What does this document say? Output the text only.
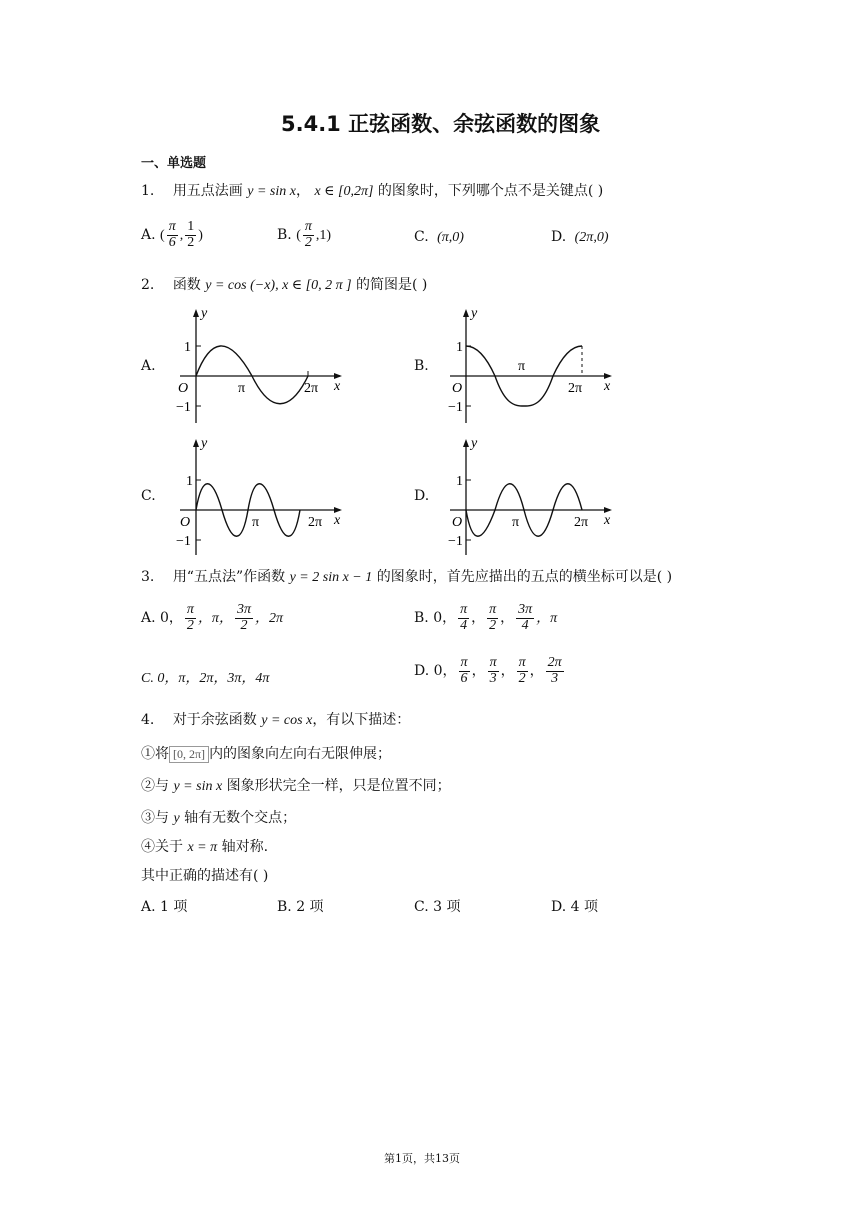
5.4.1 正弦函数、余弦函数的图象
一、单选题
1. 用五点法画 y = sin x， x ∈ [0,2π] 的图象时，下列哪个点不是关键点( )
A. ( $\frac{\pi}{6}$ , $\frac{1}{2}$ )	B. ( $\frac{\pi}{2} ,1$)	C. (π,0)	D. (2π,0)
2. 函数 y = cos (−x), x ∈ [0, 2 π ] 的简图是( )
A.	B.
C.	D.
y
x
O
1
−1
π	2π
y
x
O
1
−1
π
2π
y
x
O
1
−1
π	2π
y
x
O
1
−1
π	2π
3. 用“五点法”作函数 y = 2 sin x − 1 的图象时，首先应描出的五点的横坐标可以是( )
A. 0， $\frac{\pi}{2}$ ，π， $\frac{3\pi}{2}$ ，2π	B. 0， $\frac{\pi}{4}$ ， $\frac{\pi}{2}$ ， $\frac{3\pi}{4}$ ，π
C. 0，π，2π，3π，4π	D. 0， $\frac{\pi}{6}$ ， $\frac{\pi}{3}$ ， $\frac{\pi}{2}$ ， $\frac{2\pi}{3}$
4. 对于余弦函数 y = cos x，有以下描述：
①将 [0, 2π] 内的图象向左向右无限伸展；
②与 y = sin x 图象形状完全一样，只是位置不同；
③与 y 轴有无数个交点；
④关于 x = π 轴对称.
其中正确的描述有( )
A. 1 项	B. 2 项	C. 3 项	D. 4 项
第1页，共13页
